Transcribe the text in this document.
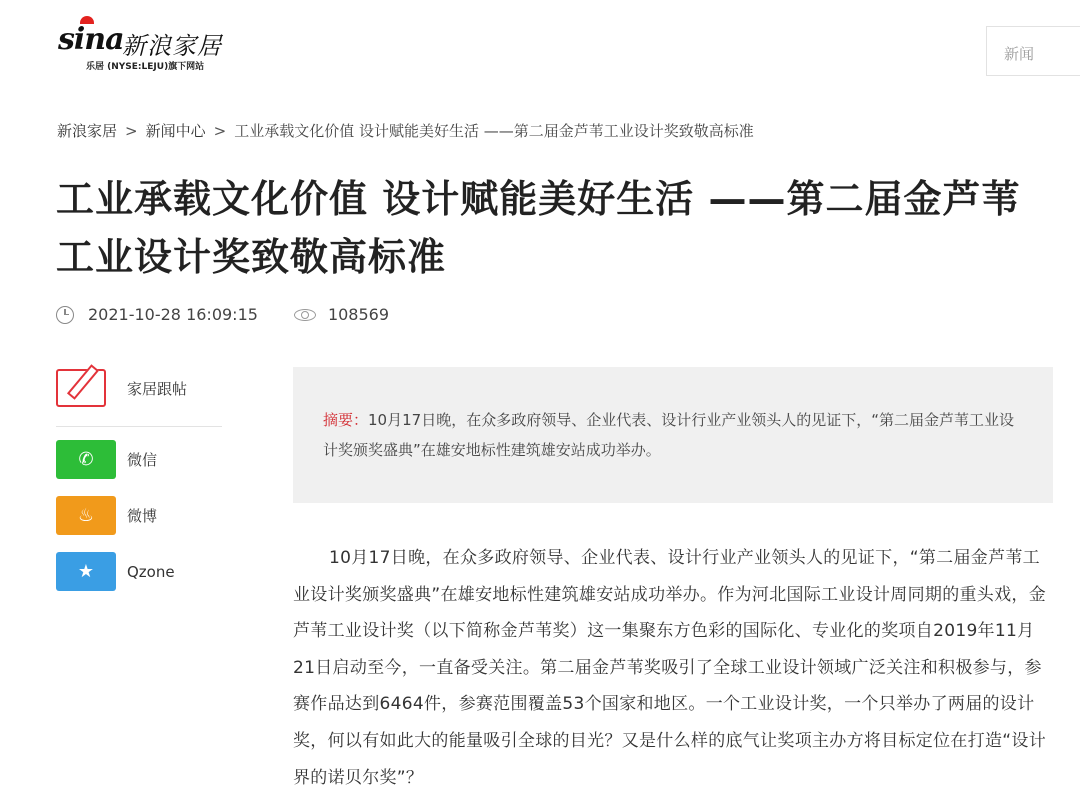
sina
新浪家居
乐居 (NYSE:LEJU)旗下网站
新闻
新浪家居 > 新闻中心 > 工业承载文化价值 设计赋能美好生活 ——第二届金芦苇工业设计奖致敬高标准
工业承载文化价值 设计赋能美好生活 ——第二届金芦苇工业设计奖致敬高标准
2021-10-28 16:09:15	108569
家居跟帖
✆	微信
♨	微博
★	Qzone
摘要：10月17日晚，在众多政府领导、企业代表、设计行业产业领头人的见证下，“第二届金芦苇工业设计奖颁奖盛典”在雄安地标性建筑雄安站成功举办。

10月17日晚，在众多政府领导、企业代表、设计行业产业领头人的见证下，“第二届金芦苇工业设计奖颁奖盛典”在雄安地标性建筑雄安站成功举办。作为河北国际工业设计周同期的重头戏，金芦苇工业设计奖（以下简称金芦苇奖）这一集聚东方色彩的国际化、专业化的奖项自2019年11月21日启动至今，一直备受关注。第二届金芦苇奖吸引了全球工业设计领域广泛关注和积极参与，参赛作品达到6464件，参赛范围覆盖53个国家和地区。一个工业设计奖，一个只举办了两届的设计奖，何以有如此大的能量吸引全球的目光？又是什么样的底气让奖项主办方将目标定位在打造“设计界的诺贝尔奖”？
